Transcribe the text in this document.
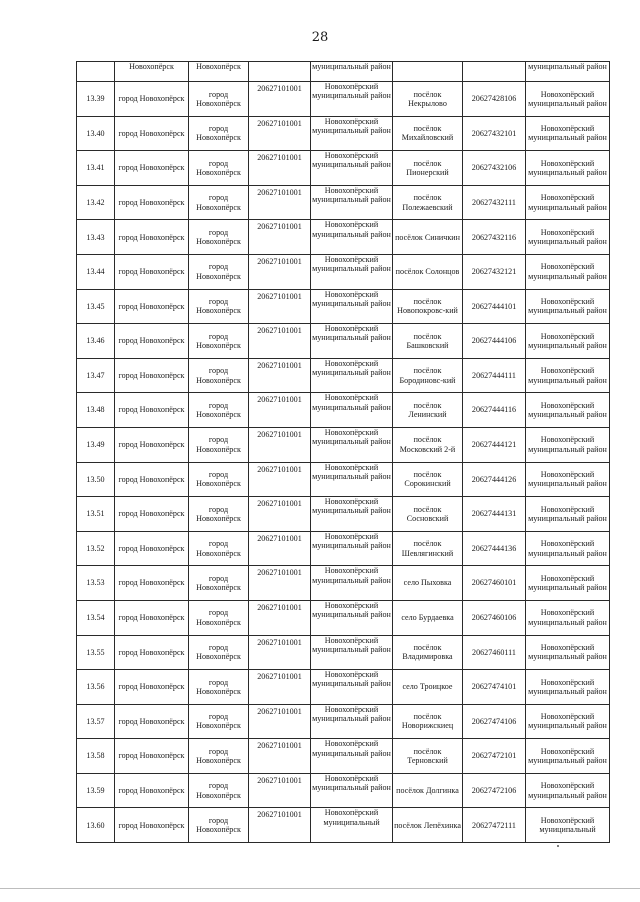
28
	Новохопёрск	Новохопёрск		муниципальный район			муниципальный район
13.39	город Новохопёрск	город Новохопёрск	20627101001	Новохопёрский муниципальный район	посёлок Некрылово	20627428106	Новохопёрский муниципальный район
13.40	город Новохопёрск	город Новохопёрск	20627101001	Новохопёрский муниципальный район	посёлок Михайловский	20627432101	Новохопёрский муниципальный район
13.41	город Новохопёрск	город Новохопёрск	20627101001	Новохопёрский муниципальный район	посёлок Пионерский	20627432106	Новохопёрский муниципальный район
13.42	город Новохопёрск	город Новохопёрск	20627101001	Новохопёрский муниципальный район	посёлок Полежаевский	20627432111	Новохопёрский муниципальный район
13.43	город Новохопёрск	город Новохопёрск	20627101001	Новохопёрский муниципальный район	посёлок Синичкин	20627432116	Новохопёрский муниципальный район
13.44	город Новохопёрск	город Новохопёрск	20627101001	Новохопёрский муниципальный район	посёлок Солонцов	20627432121	Новохопёрский муниципальный район
13.45	город Новохопёрск	город Новохопёрск	20627101001	Новохопёрский муниципальный район	посёлок Новопокровс-кий	20627444101	Новохопёрский муниципальный район
13.46	город Новохопёрск	город Новохопёрск	20627101001	Новохопёрский муниципальный район	посёлок Башковский	20627444106	Новохопёрский муниципальный район
13.47	город Новохопёрск	город Новохопёрск	20627101001	Новохопёрский муниципальный район	посёлок Бородиновс-кий	20627444111	Новохопёрский муниципальный район
13.48	город Новохопёрск	город Новохопёрск	20627101001	Новохопёрский муниципальный район	посёлок Ленинский	20627444116	Новохопёрский муниципальный район
13.49	город Новохопёрск	город Новохопёрск	20627101001	Новохопёрский муниципальный район	посёлок Московский 2-й	20627444121	Новохопёрский муниципальный район
13.50	город Новохопёрск	город Новохопёрск	20627101001	Новохопёрский муниципальный район	посёлок Сорокинский	20627444126	Новохопёрский муниципальный район
13.51	город Новохопёрск	город Новохопёрск	20627101001	Новохопёрский муниципальный район	посёлок Сосновский	20627444131	Новохопёрский муниципальный район
13.52	город Новохопёрск	город Новохопёрск	20627101001	Новохопёрский муниципальный район	посёлок Шевлягинский	20627444136	Новохопёрский муниципальный район
13.53	город Новохопёрск	город Новохопёрск	20627101001	Новохопёрский муниципальный район	село Пыховка	20627460101	Новохопёрский муниципальный район
13.54	город Новохопёрск	город Новохопёрск	20627101001	Новохопёрский муниципальный район	село Бурдаевка	20627460106	Новохопёрский муниципальный район
13.55	город Новохопёрск	город Новохопёрск	20627101001	Новохопёрский муниципальный район	посёлок Владимировка	20627460111	Новохопёрский муниципальный район
13.56	город Новохопёрск	город Новохопёрск	20627101001	Новохопёрский муниципальный район	село Троицкое	20627474101	Новохопёрский муниципальный район
13.57	город Новохопёрск	город Новохопёрск	20627101001	Новохопёрский муниципальный район	посёлок Новорижскиец	20627474106	Новохопёрский муниципальный район
13.58	город Новохопёрск	город Новохопёрск	20627101001	Новохопёрский муниципальный район	посёлок Терновский	20627472101	Новохопёрский муниципальный район
13.59	город Новохопёрск	город Новохопёрск	20627101001	Новохопёрский муниципальный район	посёлок Долгинка	20627472106	Новохопёрский муниципальный район
13.60	город Новохопёрск	город Новохопёрск	20627101001	Новохопёрский муниципальный	посёлок Лепёхинка	20627472111	Новохопёрский муниципальный
